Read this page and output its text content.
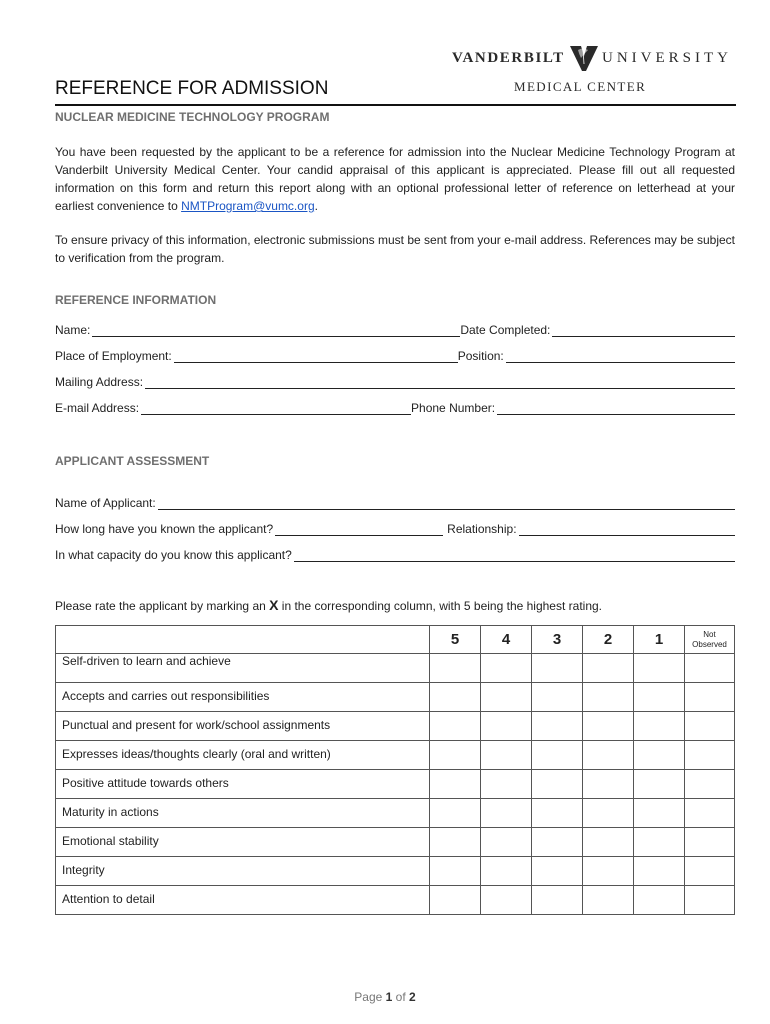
VANDERBILT UNIVERSITY
MEDICAL CENTER
REFERENCE FOR ADMISSION
NUCLEAR MEDICINE TECHNOLOGY PROGRAM
You have been requested by the applicant to be a reference for admission into the Nuclear Medicine Technology Program at Vanderbilt University Medical Center. Your candid appraisal of this applicant is appreciated. Please fill out all requested information on this form and return this report along with an optional professional letter of reference on letterhead at your earliest convenience to NMTProgram@vumc.org.
To ensure privacy of this information, electronic submissions must be sent from your e-mail address. References may be subject to verification from the program.
REFERENCE INFORMATION
Name:	Date Completed:
Place of Employment:	Position:
Mailing Address:
E-mail Address:	Phone Number:
APPLICANT ASSESSMENT
Name of Applicant:
How long have you known the applicant?	Relationship:
In what capacity do you know this applicant?
Please rate the applicant by marking an X in the corresponding column, with 5 being the highest rating.
	5	4	3	2	1	Not
Observed
Self-driven to learn and achieve						
Accepts and carries out responsibilities						
Punctual and present for work/school assignments						
Expresses ideas/thoughts clearly (oral and written)						
Positive attitude towards others						
Maturity in actions						
Emotional stability						
Integrity						
Attention to detail						
Page 1 of 2
